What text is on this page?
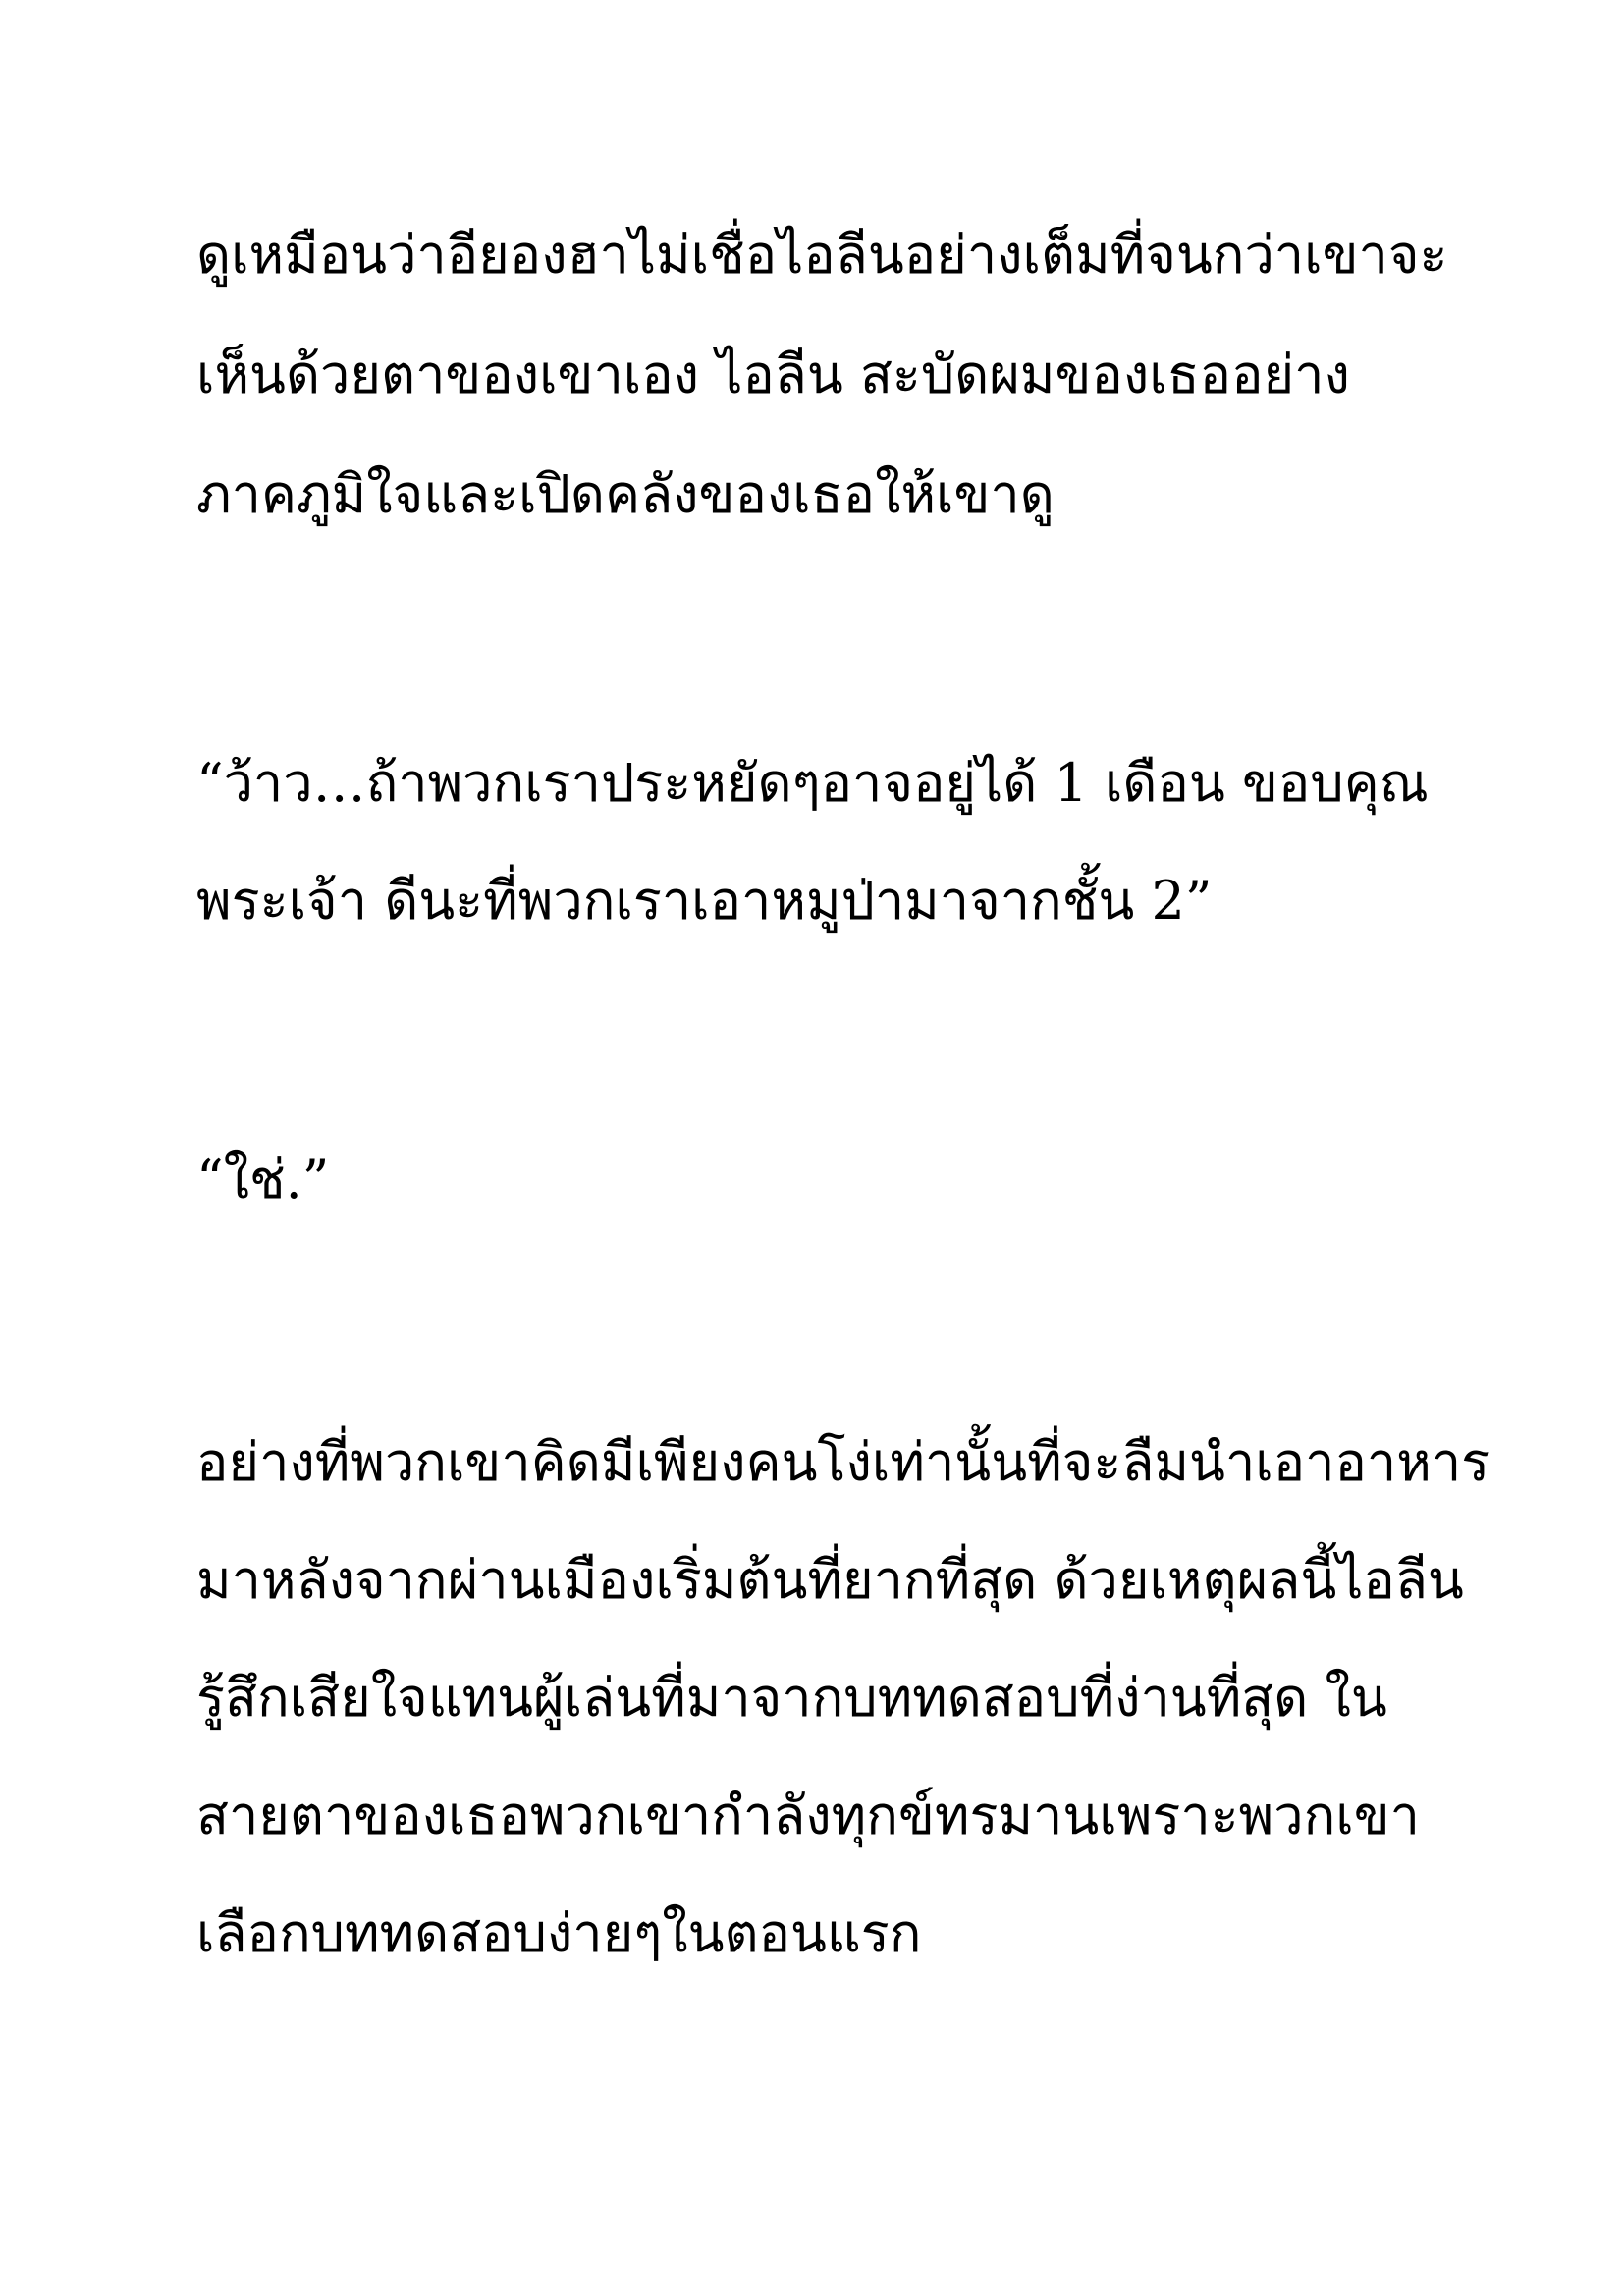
ดูเหมือนว่าอียองฮาไม่เชื่อไอลีนอย่างเต็มที่จนกว่าเขาจะ

เห็นด้วยตาของเขาเอง ไอลีน สะบัดผมของเธออย่าง

ภาคภูมิใจและเปิดคลังของเธอให้เขาดู

“ว้าว…ถ้าพวกเราประหยัดๆอาจอยู่ได้ 1 เดือน ขอบคุณ

พระเจ้า ดีนะที่พวกเราเอาหมูป่ามาจากชั้น 2”

“ใช่.”

อย่างที่พวกเขาคิดมีเพียงคนโง่เท่านั้นที่จะลืมนำเอาอาหาร

มาหลังจากผ่านเมืองเริ่มต้นที่ยากที่สุด ด้วยเหตุผลนี้ไอลีน

รู้สึกเสียใจแทนผู้เล่นที่มาจากบททดสอบที่ง่านที่สุด ใน

สายตาของเธอพวกเขากำลังทุกข์ทรมานเพราะพวกเขา

เลือกบททดสอบง่ายๆในตอนแรก
